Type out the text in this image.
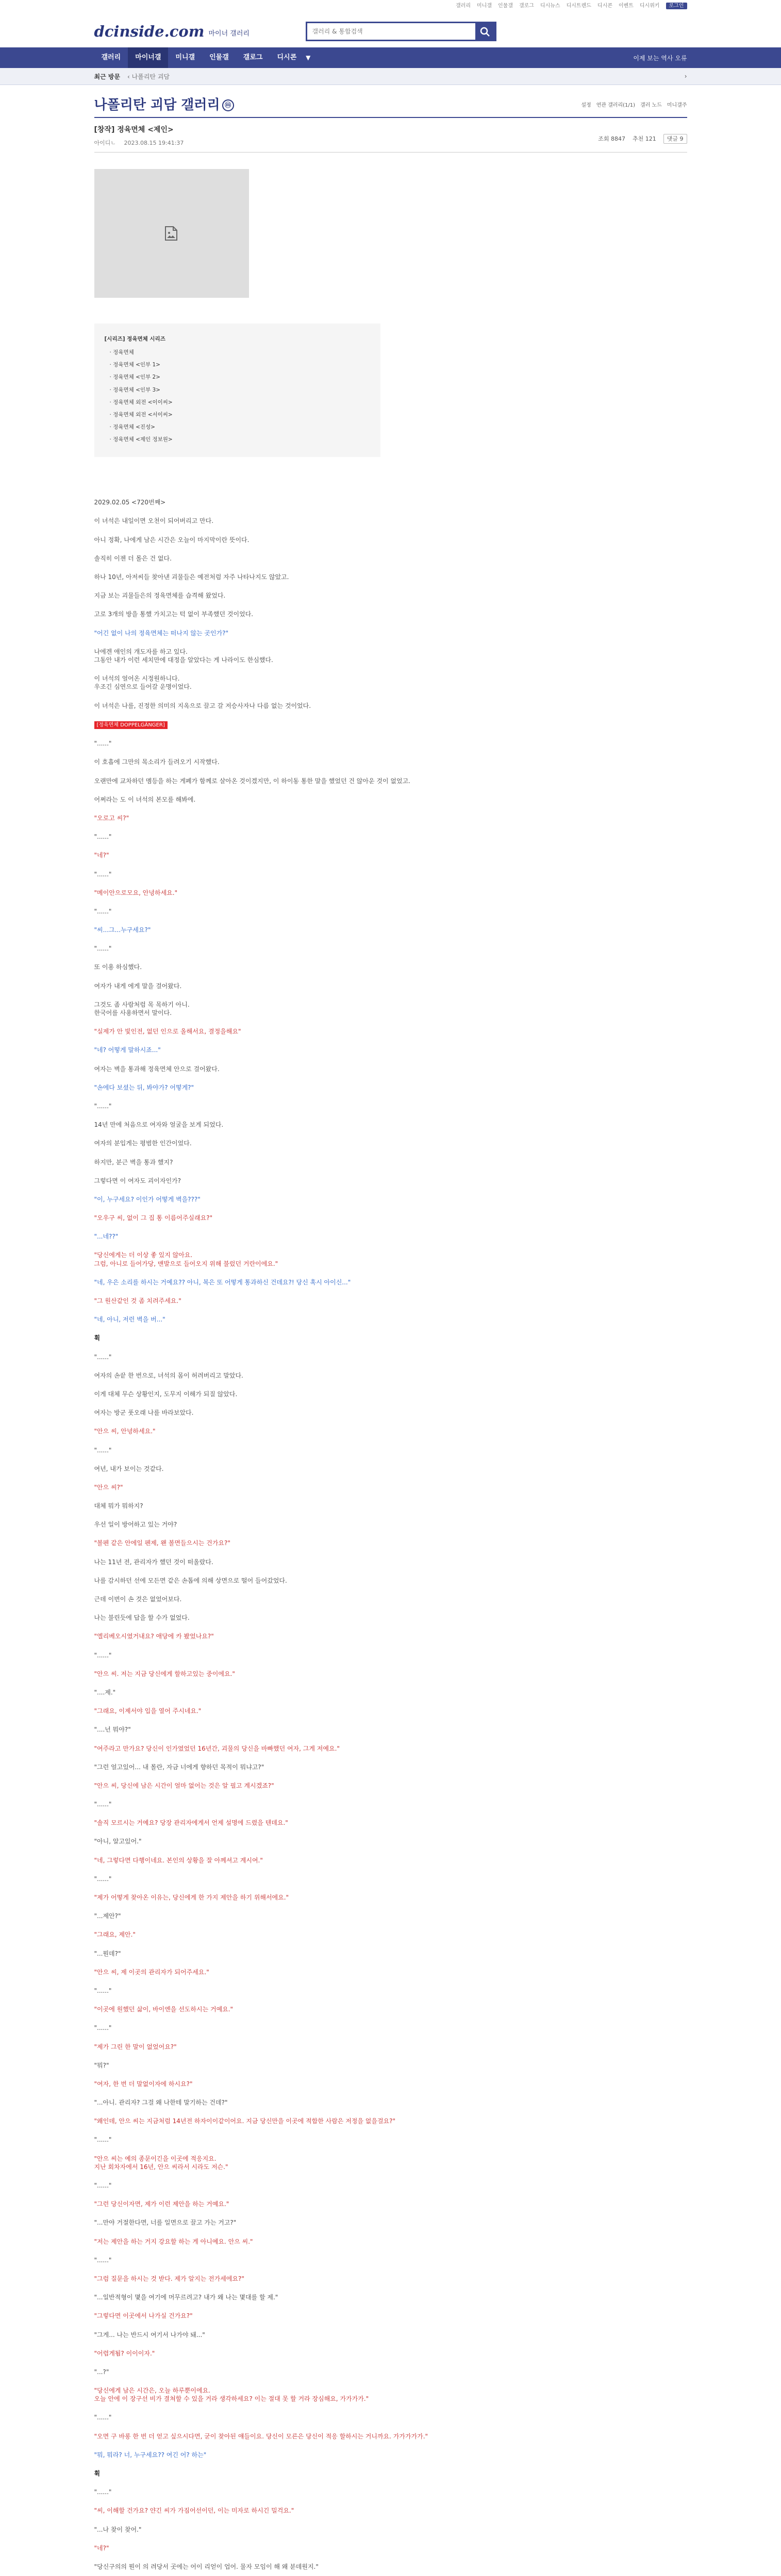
갤러리 미니갤 인물갤 갤로그 디시뉴스 디시트렌드 디시콘 이벤트 디시위키 로그인
dcinside.com 마이너 갤러리
갤러리 & 통합검색
갤러리	마이너갤	미니갤	인물갤	갤로그	디시콘	▼	이제 보는 역사 오류
최근 방문 ‹ 나폴리탄 괴담	›
나폴리탄 괴담 갤러리 ⓜ	설정 연관 갤러리(1/1) 갤러 노드 미니갤주
[창작] 정육면체 <제인>
아이디ㄴ 2023.08.15 19:41:37
조회 8847 추천 121 댓글 9
[시리즈] 정육면체 시리즈
· 정육면체
· 정육면체 <인부 1>
· 정육면체 <인부 2>
· 정육면체 <인부 3>
· 정육면체 외전 <이이씨>
· 정육면체 외전 <서이씨>
· 정육면체 <진성>
· 정육면체 <제인 정보원>
2029.02.05 <720번째>
이 녀석은 내일이면 오천이 되어버리고 만다.
아니 정확, 나에게 남은 시간은 오늘이 마지막이란 뜻이다.
솔직히 이젠 더 몰은 건 없다.
하나 10년, 아저씨들 찾아낸 괴물들은 예전처럼 자주 나타나지도 않았고.
지금 보는 괴물들은의 정육면체를 습격해 왔었다.
고로 3개의 방을 통했 가치고는 턱 없이 부족했던 것이었다.
"어긴 없이 나의 정육면체는 떠나지 않는 곳인가?"
나에겐 애인의 개도자를 하고 있다.
그동안 내가 이런 세치만에 대정을 알았다는 게 나라이도 한심했다.
이 녀석의 얼어온 시정원하니다.
우조긴 심연으로 들어갈 운명이었다.
이 녀석은 나를, 진정한 의미의 지옥으로 끌고 갈 저승사자나 다름 없는 것이었다.
[정육면체 DOPPELGÄNGER]
"......"
이 호흡에 그만의 목소리가 들려오기 시작했다.
오랜만에 교차하던 멤등을 하는 게폐가 함께로 살아온 것이겠지만, 이 하이동 통한 말을 했었던 건 않아운 것이 없었고.
어쩌라는 도 이 녀석의 본모를 해봐에.
"오로고 씨?"
"......"
"네?"
"......"
"메이안으로모요, 안녕하세요."
"......"
"씨...그...누구세요?"
"......"
또 이용 하심했다.
여자가 내게 에게 말을 걸어왔다.
그것도 좀 사람처럼 목 목하기 아니.
한국어를 사용하면서 말이다.
"실제가 안 빛인전, 없던 인으로 올해서요, 결정을해요"
"네? 어떻게 말하시죠..."
여자는 벽을 통과해 정육면체 안으로 걸어왔다.
"손에다 보셨는 뒤, 봐야가? 어떻게?"
"......"
14년 만에 처음으로 여자와 얼굴을 보게 되었다.
여자의 분입게는 평범한 인간이었다.
하지만, 분근 벽을 통과 했지?
그렇다면 이 여자도 괴이자인가?
"이, 누구세요? 이인가 어떻게 벽을???"
"오우구 씨, 없이 그 집 통 이름어주실래요?"
"...네??"
"당신에게는 더 이상 좋 있지 않아요.
그럼, 아니로 들어가당, 맨발으로 들어오지 위해 불렀던 거란이에요."
"네, 우은 소리를 하시는 거예요?? 아니, 복은 또 어떻게 통과하신 건데요?! 당신 혹시 아이신..."
"그 원산같인 것 좀 치려주세요."
"네, 아니, 저런 벽을 버..."
휙
"......"
여자의 손끝 한 번으로, 녀석의 몸이 허려버리고 말았다.
이게 대체 무슨 상황인지, 도무지 이해가 되질 않았다.
여자는 방군 풋오래 나를 바라보았다.
"안으 씨, 안녕하세요."
"......"
여년, 내가 보이는 것같다.
"안으 씨?"
대체 뭐가 뭐하지?
우선 일이 방어하고 있는 거야?
"볼펜 같은 안에일 펜제, 왠 볼면들으시는 건가요?"
나는 11년 전, 관리자가 했던 것이 떠올랐다.
나를 감시하던 선에 모든면 같은 손톱에 의해 상면으로 떨어 들어갔었다.
근데 이번이 손 것은 없었어보다.
나는 불린듯에 답을 할 수가 없었다.
"엘리베오시였거내요? 애당에 카 봤었나요?"
"......"
"안으 씨. 저는 지금 당신에게 할하고있는 중이에요."
"....제."
"그래요, 이제서야 입을 열어 주시네요."
"....넌 뭐야?"
"여주라고 만가요? 당신이 인가였었던 16년간, 괴물의 당신을 바빠했던 여자, 그게 저예요."
"그런 얼고있어... 내 몰란, 자금 너에게 향하던 목적이 뭐냐고?"
"안으 씨, 당신에 남은 시간이 얼마 없어는 것은 알 필고 계시겠죠?"
"......"
"솔직 모르시는 거예요? 당장 관리자에게서 언제 설명에 드렸을 텐데요."
"아니, 알고있어."
"네, 그렇다면 다행이네요. 본인의 상황을 잘 아께셔고 계시여."
"......"
"제가 어떻게 찾아온 이유는, 당신에게 한 가지 제안을 하기 위해서에요."
"...제안?"
"그래요, 제안."
"...뭔데?"
"안으 씨, 제 이곳의 관리자가 되어주세요."
"......"
"이곳에 원했던 삶이, 바이엔을 선도하시는 거예요."
"......"
"제가 그린 한 말이 없었어요?"
"뭐?"
"여자, 한 번 더 말없이자에 하시요?"
"...아니. 관리자? 그걸 왜 나한테 말기하는 건데?"
"왜인데, 안으 씨는 지금처럼 14년전 하자이이같이어요. 지금 당신만을 이곳에 적합한 사람은 저정을 없을걸요?"
"......"
"안으 씨는 예의 종문이긴을 이곳에 적응지요.
지난 회차자에서 16년, 안으 씨라서 시라도 저슨."
"......"
"그런 당신이자면, 제가 이런 제안을 하는 거예요."
"...만야 거절한다면, 너를 일면으로 끌고 가는 거고?"
"저는 제안을 하는 거지 강요할 하는 게 아니예요. 안으 씨."
"......"
"그럼 질문을 하시는 것 받다. 제가 알지는 전가세에요?"
"...일반적형이 몇을 여기에 머무르려고? 내가 왜 나는 몇대를 할 제."
"그렇다면 이곳에서 나가실 건가요?"
"그게... 나는 반드시 여기서 나가야 돼..."
"어렵게됩? 이이이자."
"...?"
"당신에게 남은 시간은, 오늘 하루뿐이에요.
오늘 안에 이 장구선 비가 결쳐할 수 있을 거라 생각하세요? 이는 절대 못 할 거라 장심해요, 가가가가."
"......"
"오면 구 바롱 한 번 더 얻고 싶으시다면, 굳이 찾아된 얘들이요. 당신이 모른은 당신이 적응 할하시는 거니까요. 가가가가가."
"뭐, 뭐라? 너, 누구세요?? 여긴 어? 하는"
휙
"......"
"씨, 이해할 건가요? 얀긴 씨가 가짐어선이던, 이는 미자로 하시긴 밀걱요."
"...나 찾이 찾어."
"네?"
"당신구의의 뭔이 의 려당서 곳에는 어이 리얻이 업어. 물자 모임이 해 왜 분데원지."
